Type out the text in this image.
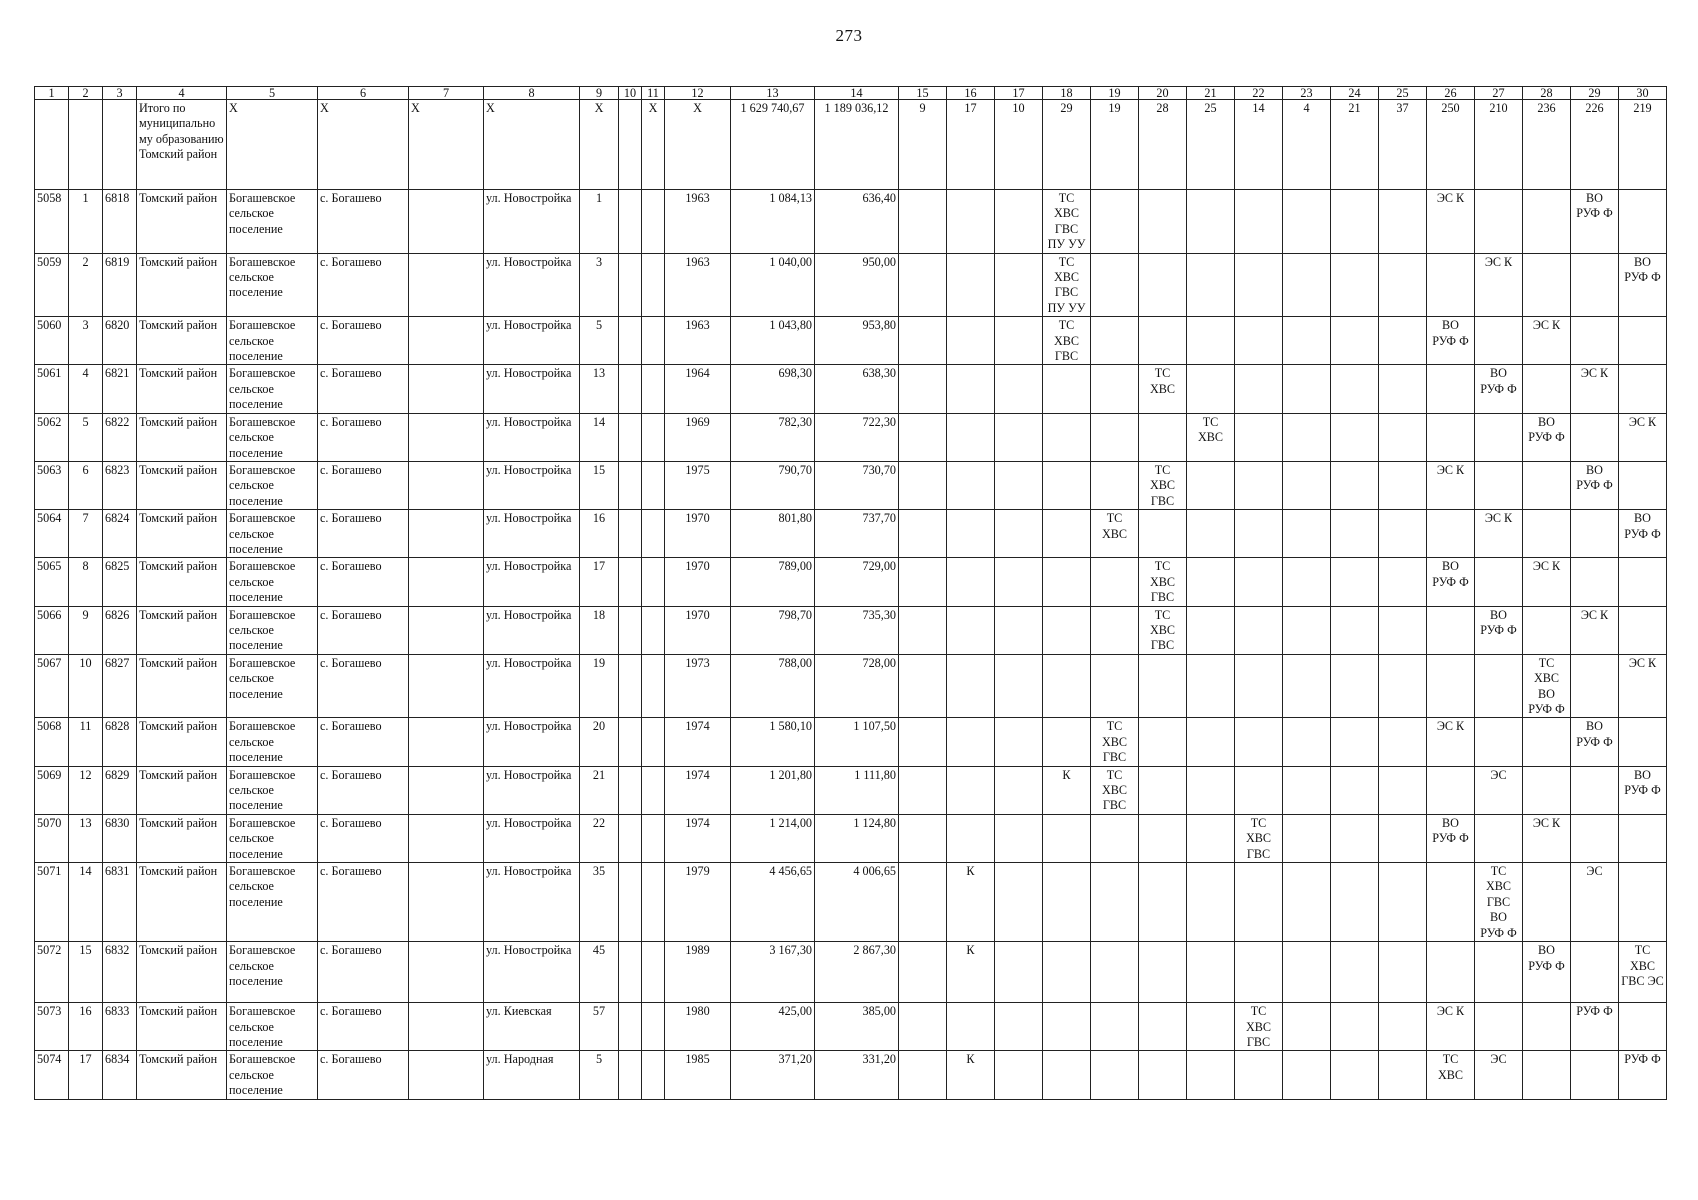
273
1	2	3	4	5	6	7	8	9	10	11	12	13	14	15	16	17	18	19	20	21	22	23	24	25	26	27	28	29	30
			Итого по муниципально му образованию Томский район	X	X	X	X	X		X	X	1 629 740,67	1 189 036,12	9	17	10	29	19	28	25	14	4	21	37	250	210	236	226	219
5058	1	6818	Томский район	Богашевское сельское поселение	с. Богашево		ул. Новостройка	1			1963	1 084,13	636,40				ТС ХВС ГВС ПУ УУ								ЭС К			ВО РУФ Ф	
5059	2	6819	Томский район	Богашевское сельское поселение	с. Богашево		ул. Новостройка	3			1963	1 040,00	950,00				ТС ХВС ГВС ПУ УУ									ЭС К			ВО РУФ Ф
5060	3	6820	Томский район	Богашевское сельское поселение	с. Богашево		ул. Новостройка	5			1963	1 043,80	953,80				ТС ХВС ГВС								ВО РУФ Ф		ЭС К		
5061	4	6821	Томский район	Богашевское сельское поселение	с. Богашево		ул. Новостройка	13			1964	698,30	638,30						ТС ХВС							ВО РУФ Ф		ЭС К	
5062	5	6822	Томский район	Богашевское сельское поселение	с. Богашево		ул. Новостройка	14			1969	782,30	722,30							ТС ХВС							ВО РУФ Ф		ЭС К
5063	6	6823	Томский район	Богашевское сельское поселение	с. Богашево		ул. Новостройка	15			1975	790,70	730,70						ТС ХВС ГВС						ЭС К			ВО РУФ Ф	
5064	7	6824	Томский район	Богашевское сельское поселение	с. Богашево		ул. Новостройка	16			1970	801,80	737,70					ТС ХВС								ЭС К			ВО РУФ Ф
5065	8	6825	Томский район	Богашевское сельское поселение	с. Богашево		ул. Новостройка	17			1970	789,00	729,00						ТС ХВС ГВС						ВО РУФ Ф		ЭС К		
5066	9	6826	Томский район	Богашевское сельское поселение	с. Богашево		ул. Новостройка	18			1970	798,70	735,30						ТС ХВС ГВС							ВО РУФ Ф		ЭС К	
5067	10	6827	Томский район	Богашевское сельское поселение	с. Богашево		ул. Новостройка	19			1973	788,00	728,00														ТС ХВС ВО РУФ Ф		ЭС К
5068	11	6828	Томский район	Богашевское сельское поселение	с. Богашево		ул. Новостройка	20			1974	1 580,10	1 107,50					ТС ХВС ГВС							ЭС К			ВО РУФ Ф	
5069	12	6829	Томский район	Богашевское сельское поселение	с. Богашево		ул. Новостройка	21			1974	1 201,80	1 111,80				К	ТС ХВС ГВС								ЭС			ВО РУФ Ф
5070	13	6830	Томский район	Богашевское сельское поселение	с. Богашево		ул. Новостройка	22			1974	1 214,00	1 124,80								ТС ХВС ГВС				ВО РУФ Ф		ЭС К		
5071	14	6831	Томский район	Богашевское сельское поселение	с. Богашево		ул. Новостройка	35			1979	4 456,65	4 006,65		К											ТС ХВС ГВС ВО РУФ Ф		ЭС	
5072	15	6832	Томский район	Богашевское сельское поселение	с. Богашево		ул. Новостройка	45			1989	3 167,30	2 867,30		К												ВО РУФ Ф		ТС ХВС ГВС ЭС
5073	16	6833	Томский район	Богашевское сельское поселение	с. Богашево		ул. Киевская	57			1980	425,00	385,00								ТС ХВС ГВС				ЭС К			РУФ Ф	
5074	17	6834	Томский район	Богашевское сельское поселение	с. Богашево		ул. Народная	5			1985	371,20	331,20		К										ТС ХВС	ЭС			РУФ Ф
